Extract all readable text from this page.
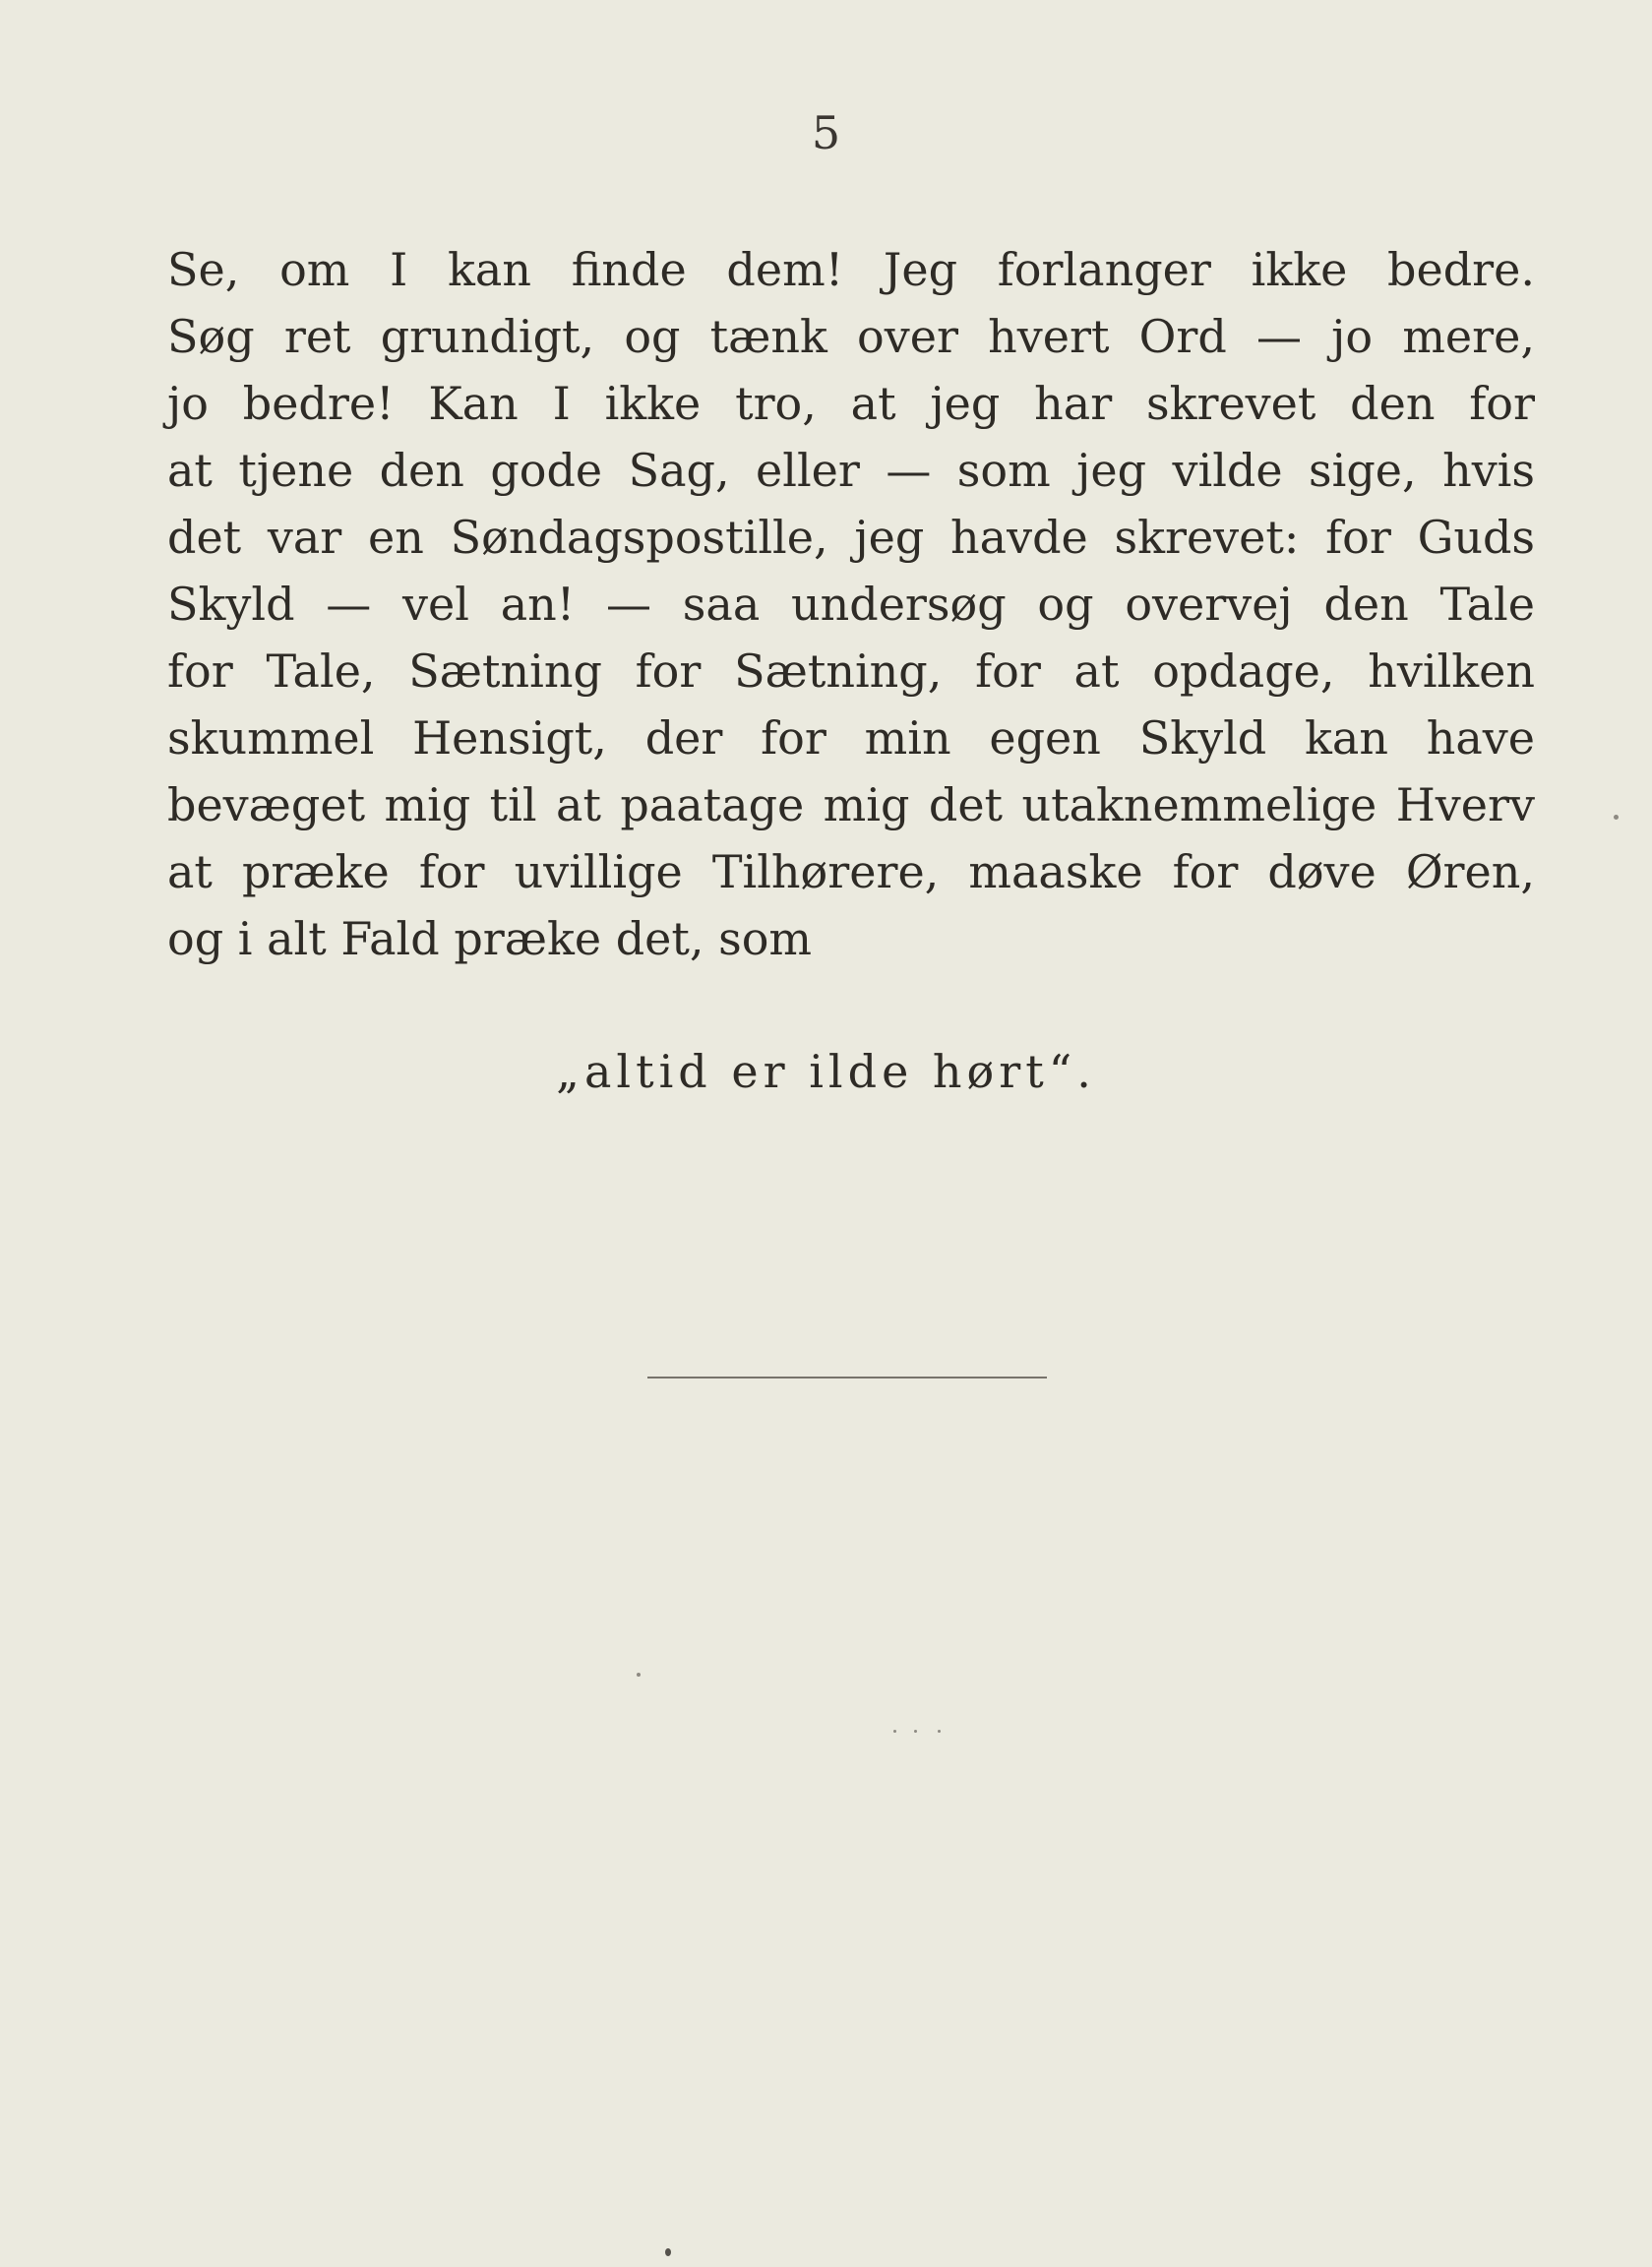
5
Se, om I kan finde dem! Jeg forlanger ikke bedre.
Søg ret grundigt, og tænk over hvert Ord — jo mere,
jo bedre! Kan I ikke tro, at jeg har skrevet den for
at tjene den gode Sag, eller — som jeg vilde sige, hvis
det var en Søndagspostille, jeg havde skrevet: for Guds
Skyld — vel an! — saa undersøg og overvej den Tale
for Tale, Sætning for Sætning, for at opdage, hvilken
skummel Hensigt, der for min egen Skyld kan have
bevæget mig til at paatage mig det utaknemmelige Hverv
at præke for uvillige Tilhørere, maaske for døve Øren,
og i alt Fald præke det, som
„altid er ilde hørt“.
